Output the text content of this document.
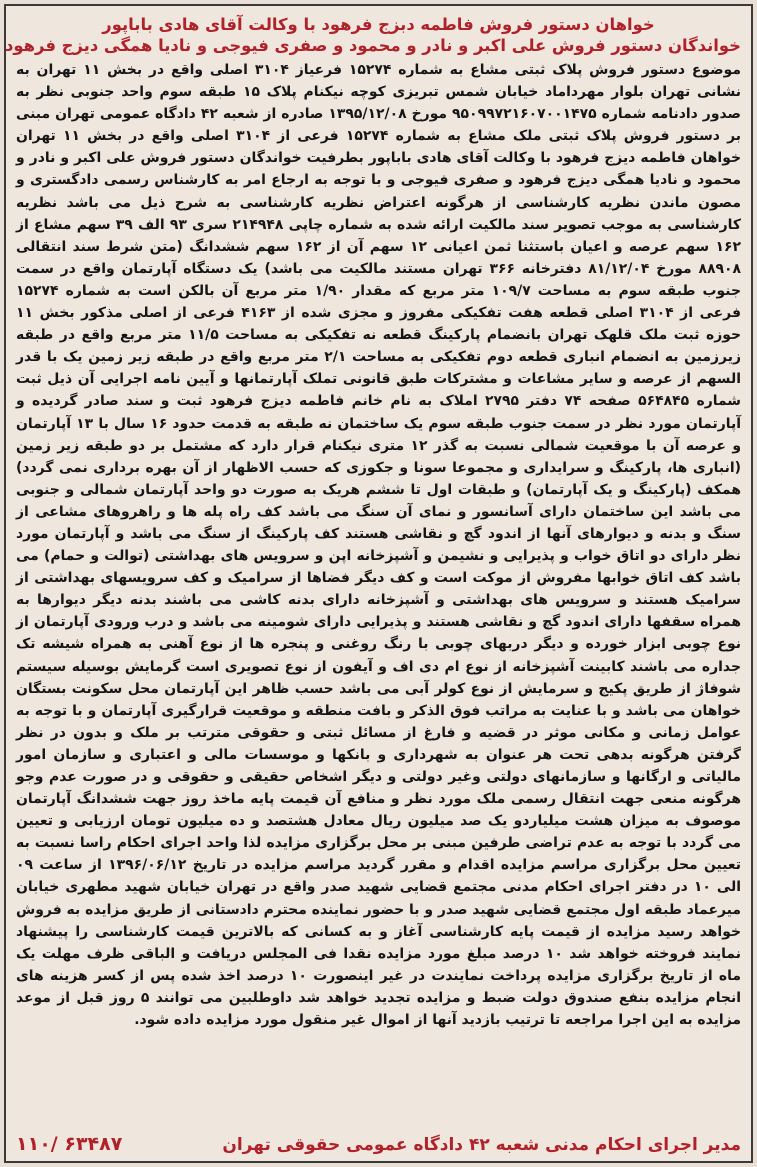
خواهان دستور فروش فاطمه دبزج فرهود با وکالت آقای هادی باباپور

خواندگان دستور فروش علی اکبر و نادر و محمود و صفری فیوجی و نادیا همگی دیزج فرهود

موضوع دستور فروش پلاک ثبتی مشاع به شماره ۱۵۲۷۴ فرعیاز ۳۱۰۴ اصلی واقع در بخش ۱۱ تهران به نشانی تهران بلوار مهرداماد خیابان شمس تبریزی کوچه نیکنام پلاک ۱۵ طبقه سوم واحد جنوبی نظر به صدور دادنامه شماره ۹۵۰۹۹۷۲۱۶۰۷۰۰۱۴۷۵ مورخ ۱۳۹۵/۱۲/۰۸ صادره از شعبه ۴۲ دادگاه عمومی تهران مبنی بر دستور فروش پلاک ثبتی ملک مشاع به شماره ۱۵۲۷۴ فرعی از ۳۱۰۴ اصلی واقع در بخش ۱۱ تهران خواهان فاطمه دیزج فرهود با وکالت آقای هادی باباپور بطرفیت خواندگان دستور فروش علی اکبر و نادر و محمود و نادیا همگی دیزج فرهود و صفری فیوجی و با توجه به ارجاع امر به کارشناس رسمی دادگستری و مصون ماندن نظریه کارشناسی از هرگونه اعتراض نظریه کارشناسی به شرح ذیل می باشد نظریه کارشناسی به موجب تصویر سند مالکیت ارائه شده به شماره چاپی ۲۱۴۹۴۸ سری ۹۳ الف ۳۹ سهم مشاع از ۱۶۲ سهم عرصه و اعیان باستثنا ثمن اعیانی ۱۲ سهم آن از ۱۶۲ سهم ششدانگ (متن شرط سند انتقالی ۸۸۹۰۸ مورخ ۸۱/۱۲/۰۴ دفترخانه ۳۶۶ تهران مستند مالکیت می باشد) یک دستگاه آپارتمان واقع در سمت جنوب طبقه سوم به مساحت ۱۰۹/۷ متر مربع که مقدار ۱/۹۰ متر مربع آن بالکن است به شماره ۱۵۲۷۴ فرعی از ۳۱۰۴ اصلی قطعه هفت تفکیکی مفروز و مجزی شده از ۴۱۶۳ فرعی از اصلی مذکور بخش ۱۱ حوزه ثبت ملک قلهک تهران بانضمام پارکینگ قطعه نه تفکیکی به مساحت ۱۱/۵ متر مربع واقع در طبقه زیرزمین به انضمام انباری قطعه دوم تفکیکی به مساحت ۲/۱ متر مربع واقع در طبقه زیر زمین یک با قدر السهم از عرصه و سایر مشاعات و مشترکات طبق قانونی تملک آپارتمانها و آیین نامه اجرایی آن ذیل ثبت شماره ۵۶۴۸۴۵ صفحه ۷۴ دفتر ۲۷۹۵ املاک به نام خانم فاطمه دیزج فرهود ثبت و سند صادر گردیده و آپارتمان مورد نظر در سمت جنوب طبقه سوم یک ساختمان نه طبقه به قدمت حدود ۱۶ سال با ۱۳ آپارتمان و عرصه آن با موقعیت شمالی نسبت به گذر ۱۲ متری نیکنام قرار دارد که مشتمل بر دو طبقه زیر زمین (انباری ها، پارکینگ و سرایداری و مجموعا سونا و جکوزی که حسب الاظهار از آن بهره برداری نمی گردد) همکف (پارکینگ و یک آپارتمان) و طبقات اول تا ششم هریک به صورت دو واحد آپارتمان شمالی و جنوبی می باشد این ساختمان دارای آسانسور و نمای آن سنگ می باشد کف راه پله ها و راهروهای مشاعی از سنگ و بدنه و دیوارهای آنها از اندود گچ و نقاشی هستند کف پارکینگ از سنگ می باشد و آپارتمان مورد نظر دارای دو اتاق خواب و پذیرایی و نشیمن و آشپزخانه اپن و سرویس های بهداشتی (توالت و حمام) می باشد کف اتاق خوابها مفروش از موکت است و کف دیگر فضاها از سرامیک و کف سرویسهای بهداشتی از سرامیک هستند و سرویس های بهداشتی و آشپزخانه دارای بدنه کاشی می باشند بدنه دیگر دیوارها به همراه سقفها دارای اندود گچ و نقاشی هستند و پذیرایی دارای شومینه می باشد و درب ورودی آپارتمان از نوع چوبی ابزار خورده و دیگر دربهای چوبی با رنگ روغنی و پنجره ها از نوع آهنی به همراه شیشه تک جداره می باشند کابینت آشپزخانه از نوع ام دی اف و آیفون از نوع تصویری است گرمایش بوسیله سیستم شوفاژ از طریق پکیج و سرمایش از نوع کولر آبی می باشد حسب ظاهر این آپارتمان محل سکونت بستگان خواهان می باشد و با عنایت به مراتب فوق الذکر و بافت منطقه و موقعیت قرارگیری آپارتمان و با توجه به عوامل زمانی و مکانی موثر در قضیه و فارغ از مسائل ثبتی و حقوقی مترتب بر ملک و بدون در نظر گرفتن هرگونه بدهی تحت هر عنوان به شهرداری و بانکها و موسسات مالی و اعتباری و سازمان امور مالیاتی و ارگانها و سازمانهای دولتی وغیر دولتی و دیگر اشخاص حقیقی و حقوقی و در صورت عدم وجو هرگونه منعی جهت انتقال رسمی ملک مورد نظر و منافع آن قیمت پایه ماخذ روز جهت ششدانگ آپارتمان موصوف به میزان هشت میلیاردو یک صد میلیون ریال معادل هشتصد و ده میلیون تومان ارزیابی و تعیین می گردد با توجه به عدم تراضی طرفین مبنی بر محل برگزاری مزایده لذا واحد اجرای احکام راسا نسبت به تعیین محل برگزاری مراسم مزایده اقدام و مقرر گردید مراسم مزایده در تاریخ ۱۳۹۶/۰۶/۱۲ از ساعت ۰۹ الی ۱۰ در دفتر اجرای احکام مدنی مجتمع قضایی شهید صدر واقع در تهران خیابان شهید مطهری خیابان میرعماد طبقه اول مجتمع قضایی شهید صدر و با حضور نماینده محترم دادستانی از طریق مزایده به فروش خواهد رسید مزایده از قیمت پایه کارشناسی آغاز و به کسانی که بالاترین قیمت کارشناسی را پیشنهاد نمایند فروخته خواهد شد ۱۰ درصد مبلغ مورد مزایده نقدا فی المجلس دریافت و الباقی ظرف مهلت یک ماه از تاریخ برگزاری مزایده پرداخت نمایندت در غیر اینصورت ۱۰ درصد اخذ شده پس از کسر هزینه های انجام مزایده بنفع صندوق دولت ضبط و مزایده تجدید خواهد شد داوطلبین می توانند ۵ روز قبل از موعد مزایده به این اجرا مراجعه تا ترتیب بازدید آنها از اموال غیر منقول مورد مزایده داده شود.

مدیر اجرای احکام مدنی شعبه ۴۲ دادگاه عمومی حقوقی تهران
۱۱۰/ ۶۳۴۸۷
